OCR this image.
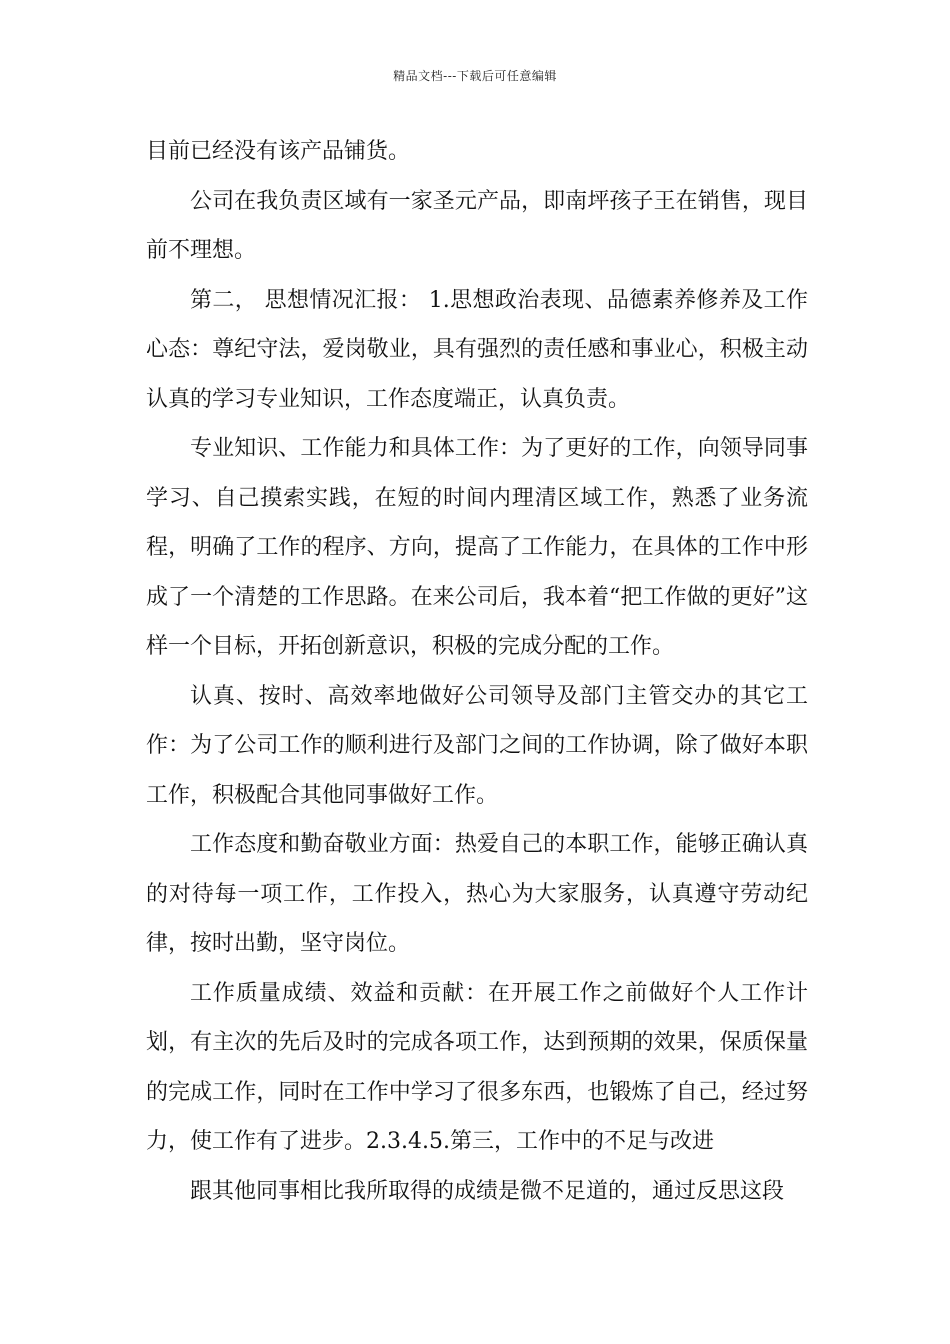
精品文档---下载后可任意编辑

目前已经没有该产品铺货。

公司在我负责区域有一家圣元产品，即南坪孩子王在销售，现目前不理想。

第二， 思想情况汇报： 1.思想政治表现、品德素养修养及工作心态：尊纪守法，爱岗敬业，具有强烈的责任感和事业心，积极主动认真的学习专业知识，工作态度端正，认真负责。

专业知识、工作能力和具体工作：为了更好的工作，向领导同事学习、自己摸索实践，在短的时间内理清区域工作，熟悉了业务流程，明确了工作的程序、方向，提高了工作能力，在具体的工作中形成了一个清楚的工作思路。在来公司后，我本着“把工作做的更好”这样一个目标，开拓创新意识，积极的完成分配的工作。

认真、按时、高效率地做好公司领导及部门主管交办的其它工作：为了公司工作的顺利进行及部门之间的工作协调，除了做好本职工作，积极配合其他同事做好工作。

工作态度和勤奋敬业方面：热爱自己的本职工作，能够正确认真的对待每一项工作，工作投入，热心为大家服务，认真遵守劳动纪律，按时出勤，坚守岗位。

工作质量成绩、效益和贡献：在开展工作之前做好个人工作计划，有主次的先后及时的完成各项工作，达到预期的效果，保质保量的完成工作，同时在工作中学习了很多东西，也锻炼了自己，经过努力，使工作有了进步。2.3.4.5.第三，工作中的不足与改进

跟其他同事相比我所取得的成绩是微不足道的，通过反思这段
